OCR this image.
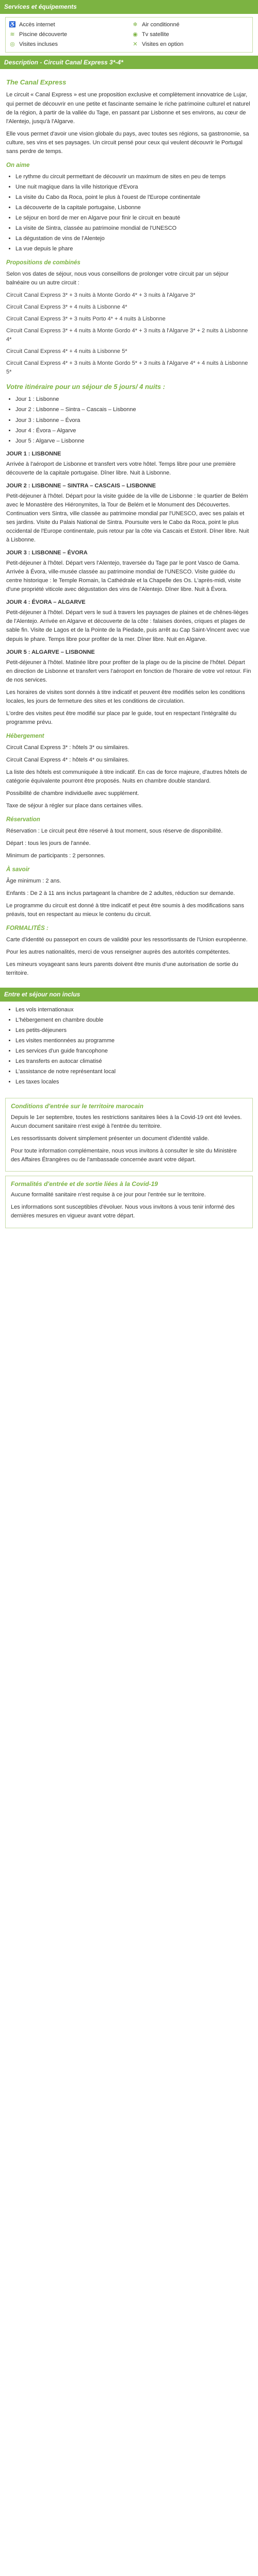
Services et équipements
♿ Accès internet	❄ Air conditionné
≋ Piscine découverte	◉ Tv satellite
◎ Visites incluses	✕ Visites en option
Description - Circuit Canal Express 3*-4*
The Canal Express

Le circuit « Canal Express » est une proposition exclusive et complètement innovatrice de Lujar, qui permet de découvrir en une petite et fascinante semaine le riche patrimoine culturel et naturel de la région, à partir de la vallée du Tage, en passant par Lisbonne et ses environs, au cœur de l'Alentejo, jusqu'à l'Algarve.

Elle vous permet d'avoir une vision globale du pays, avec toutes ses régions, sa gastronomie, sa culture, ses vins et ses paysages. Un circuit pensé pour ceux qui veulent découvrir le Portugal sans perdre de temps.

On aime
• Le rythme du circuit permettant de découvrir un maximum de sites en peu de temps
• Une nuit magique dans la ville historique d'Evora
• La visite du Cabo da Roca, point le plus à l'ouest de l'Europe continentale
• La découverte de la capitale portugaise, Lisbonne
• Le séjour en bord de mer en Algarve pour finir le circuit en beauté
• La visite de Sintra, classée au patrimoine mondial de l'UNESCO
• La dégustation de vins de l'Alentejo
• La vue depuis le phare
Propositions de combinés

Selon vos dates de séjour, nous vous conseillons de prolonger votre circuit par un séjour balnéaire ou un autre circuit :

Circuit Canal Express 3* + 3 nuits à Monte Gordo 4* + 3 nuits à l'Algarve 3*

Circuit Canal Express 3* + 4 nuits à Lisbonne 4*

Circuit Canal Express 3* + 3 nuits Porto 4* + 4 nuits à Lisbonne

Circuit Canal Express 3* + 4 nuits à Monte Gordo 4* + 3 nuits à l'Algarve 3* + 2 nuits à Lisbonne 4*

Circuit Canal Express 4* + 4 nuits à Lisbonne 5*

Circuit Canal Express 4* + 3 nuits à Monte Gordo 5* + 3 nuits à l'Algarve 4* + 4 nuits à Lisbonne 5*

Votre itinéraire pour un séjour de 5 jours/ 4 nuits :
• Jour 1 : Lisbonne
• Jour 2 : Lisbonne – Sintra – Cascais – Lisbonne
• Jour 3 : Lisbonne – Évora
• Jour 4 : Évora – Algarve
• Jour 5 : Algarve – Lisbonne
JOUR 1 : LISBONNE

Arrivée à l'aéroport de Lisbonne et transfert vers votre hôtel. Temps libre pour une première découverte de la capitale portugaise. Dîner libre. Nuit à Lisbonne.

JOUR 2 : LISBONNE – SINTRA – CASCAIS – LISBONNE

Petit-déjeuner à l'hôtel. Départ pour la visite guidée de la ville de Lisbonne : le quartier de Belém avec le Monastère des Hiéronymites, la Tour de Belém et le Monument des Découvertes. Continuation vers Sintra, ville classée au patrimoine mondial par l'UNESCO, avec ses palais et ses jardins. Visite du Palais National de Sintra. Poursuite vers le Cabo da Roca, point le plus occidental de l'Europe continentale, puis retour par la côte via Cascais et Estoril. Dîner libre. Nuit à Lisbonne.

JOUR 3 : LISBONNE – ÉVORA

Petit-déjeuner à l'hôtel. Départ vers l'Alentejo, traversée du Tage par le pont Vasco de Gama. Arrivée à Évora, ville-musée classée au patrimoine mondial de l'UNESCO. Visite guidée du centre historique : le Temple Romain, la Cathédrale et la Chapelle des Os. L'après-midi, visite d'une propriété viticole avec dégustation des vins de l'Alentejo. Dîner libre. Nuit à Évora.

JOUR 4 : ÉVORA – ALGARVE

Petit-déjeuner à l'hôtel. Départ vers le sud à travers les paysages de plaines et de chênes-lièges de l'Alentejo. Arrivée en Algarve et découverte de la côte : falaises dorées, criques et plages de sable fin. Visite de Lagos et de la Pointe de la Piedade, puis arrêt au Cap Saint-Vincent avec vue depuis le phare. Temps libre pour profiter de la mer. Dîner libre. Nuit en Algarve.

JOUR 5 : ALGARVE – LISBONNE

Petit-déjeuner à l'hôtel. Matinée libre pour profiter de la plage ou de la piscine de l'hôtel. Départ en direction de Lisbonne et transfert vers l'aéroport en fonction de l'horaire de votre vol retour. Fin de nos services.

Les horaires de visites sont donnés à titre indicatif et peuvent être modifiés selon les conditions locales, les jours de fermeture des sites et les conditions de circulation.

L'ordre des visites peut être modifié sur place par le guide, tout en respectant l'intégralité du programme prévu.

Hébergement

Circuit Canal Express 3* : hôtels 3* ou similaires.

Circuit Canal Express 4* : hôtels 4* ou similaires.

La liste des hôtels est communiquée à titre indicatif. En cas de force majeure, d'autres hôtels de catégorie équivalente pourront être proposés. Nuits en chambre double standard.

Possibilité de chambre individuelle avec supplément.

Taxe de séjour à régler sur place dans certaines villes.

Réservation

Réservation : Le circuit peut être réservé à tout moment, sous réserve de disponibilité.

Départ : tous les jours de l'année.

Minimum de participants : 2 personnes.

À savoir

Âge minimum : 2 ans.

Enfants : De 2 à 11 ans inclus partageant la chambre de 2 adultes, réduction sur demande.

Le programme du circuit est donné à titre indicatif et peut être soumis à des modifications sans préavis, tout en respectant au mieux le contenu du circuit.

FORMALITÉS :

Carte d'identité ou passeport en cours de validité pour les ressortissants de l'Union européenne.

Pour les autres nationalités, merci de vous renseigner auprès des autorités compétentes.

Les mineurs voyageant sans leurs parents doivent être munis d'une autorisation de sortie du territoire.

Entre et séjour non inclus
• Les vols internationaux
• L'hébergement en chambre double
• Les petits-déjeuners
• Les visites mentionnées au programme
• Les services d'un guide francophone
• Les transferts en autocar climatisé
• L'assistance de notre représentant local
• Les taxes locales
Conditions d'entrée sur le territoire marocain

Depuis le 1er septembre, toutes les restrictions sanitaires liées à la Covid-19 ont été levées. Aucun document sanitaire n'est exigé à l'entrée du territoire.

Les ressortissants doivent simplement présenter un document d'identité valide.

Pour toute information complémentaire, nous vous invitons à consulter le site du Ministère des Affaires Étrangères ou de l'ambassade concernée avant votre départ.

Formalités d'entrée et de sortie liées à la Covid-19

Aucune formalité sanitaire n'est requise à ce jour pour l'entrée sur le territoire.

Les informations sont susceptibles d'évoluer. Nous vous invitons à vous tenir informé des dernières mesures en vigueur avant votre départ.
